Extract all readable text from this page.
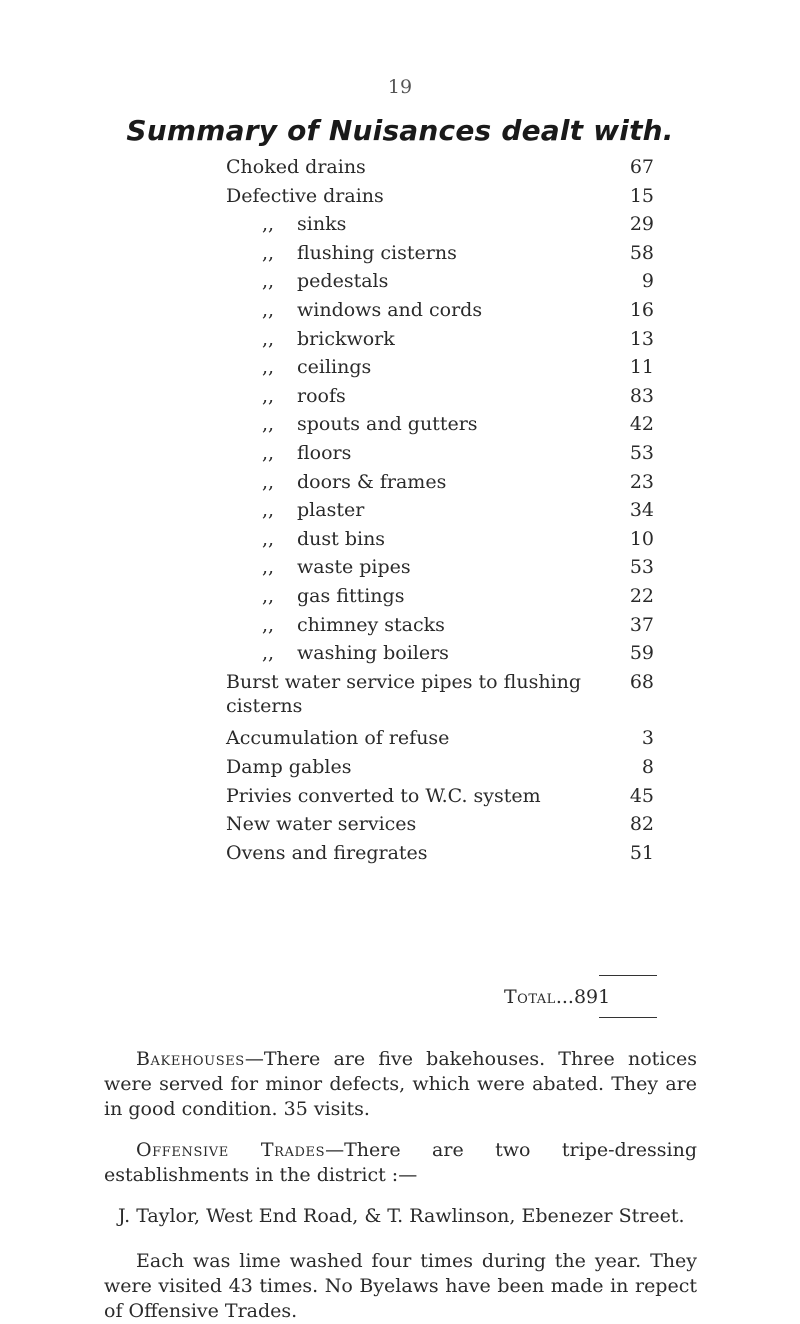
19
Summary of Nuisances dealt with.
Choked drains	67
Defective drains	15
,, sinks	29
,, flushing cisterns	58
,, pedestals	9
,, windows and cords	16
,, brickwork	13
,, ceilings	11
,, roofs	83
,, spouts and gutters	42
,, floors	53
,, doors & frames	23
,, plaster	34
,, dust bins	10
,, waste pipes	53
,, gas fittings	22
,, chimney stacks	37
,, washing boilers	59
Burst water service pipes to flushing	68
cisterns
Accumulation of refuse	3
Damp gables	8
Privies converted to W.C. system	45
New water services	82
Ovens and firegrates	51
Total...891
Bakehouses—There are five bakehouses. Three notices were served for minor defects, which were abated. They are in good condition. 35 visits.
Offensive Trades—There are two tripe-dressing establishments in the district :—
J. Taylor, West End Road, & T. Rawlinson, Ebenezer Street.
Each was lime washed four times during the year. They were visited 43 times. No Byelaws have been made in repect of Offensive Trades.
